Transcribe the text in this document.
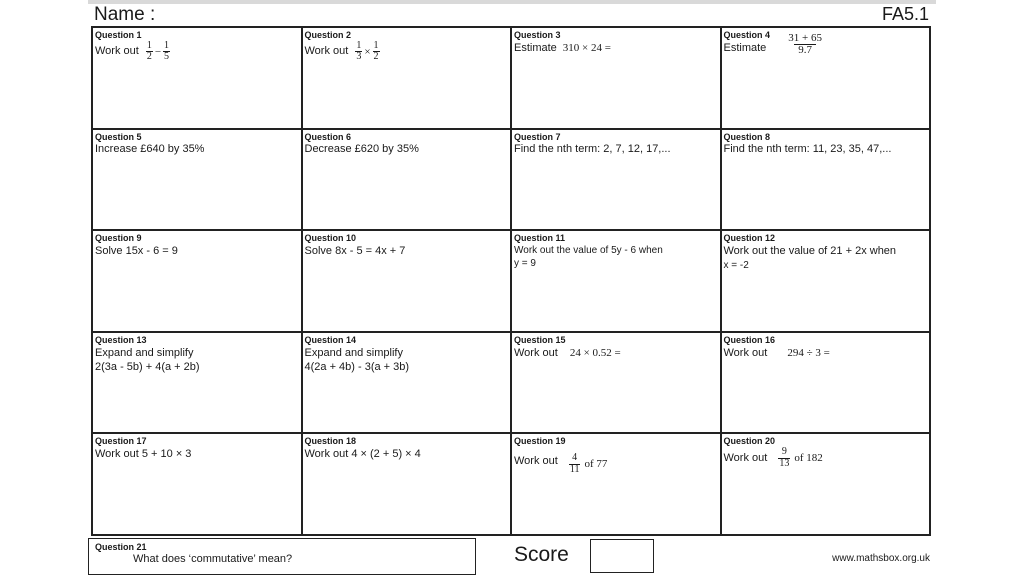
Name :	FA5.1
Question 1
Work out $\frac{1}{2} - \frac{1}{5}$
Question 2
Work out $\frac{1}{3} \times \frac{1}{2}$
Question 3
Estimate 310 × 24 =
Question 4
Estimate $\frac{31 + 65}{9.7}$
Question 5
Increase £640 by 35%
Question 6
Decrease £620 by 35%
Question 7
Find the nth term: 2, 7, 12, 17,...
Question 8
Find the nth term: 11, 23, 35, 47,...
Question 9
Solve 15x - 6 = 9
Question 10
Solve 8x - 5 = 4x + 7
Question 11
Work out the value of 5y - 6 when
y = 9
Question 12
Work out the value of 21 + 2x when
x = -2
Question 13
Expand and simplify
2(3a - 5b) + 4(a + 2b)
Question 14
Expand and simplify
4(2a + 4b) - 3(a + 3b)
Question 15
Work out 24 × 0.52 =
Question 16
Work out 294 ÷ 3 =
Question 17
Work out 5 + 10 × 3
Question 18
Work out 4 × (2 + 5) × 4
Question 19
Work out $\frac{4}{11}$ of 77
Question 20
Work out $\frac{9}{13}$ of 182
Question 21
What does ‘commutative’ mean?	Score	www.mathsbox.org.uk
